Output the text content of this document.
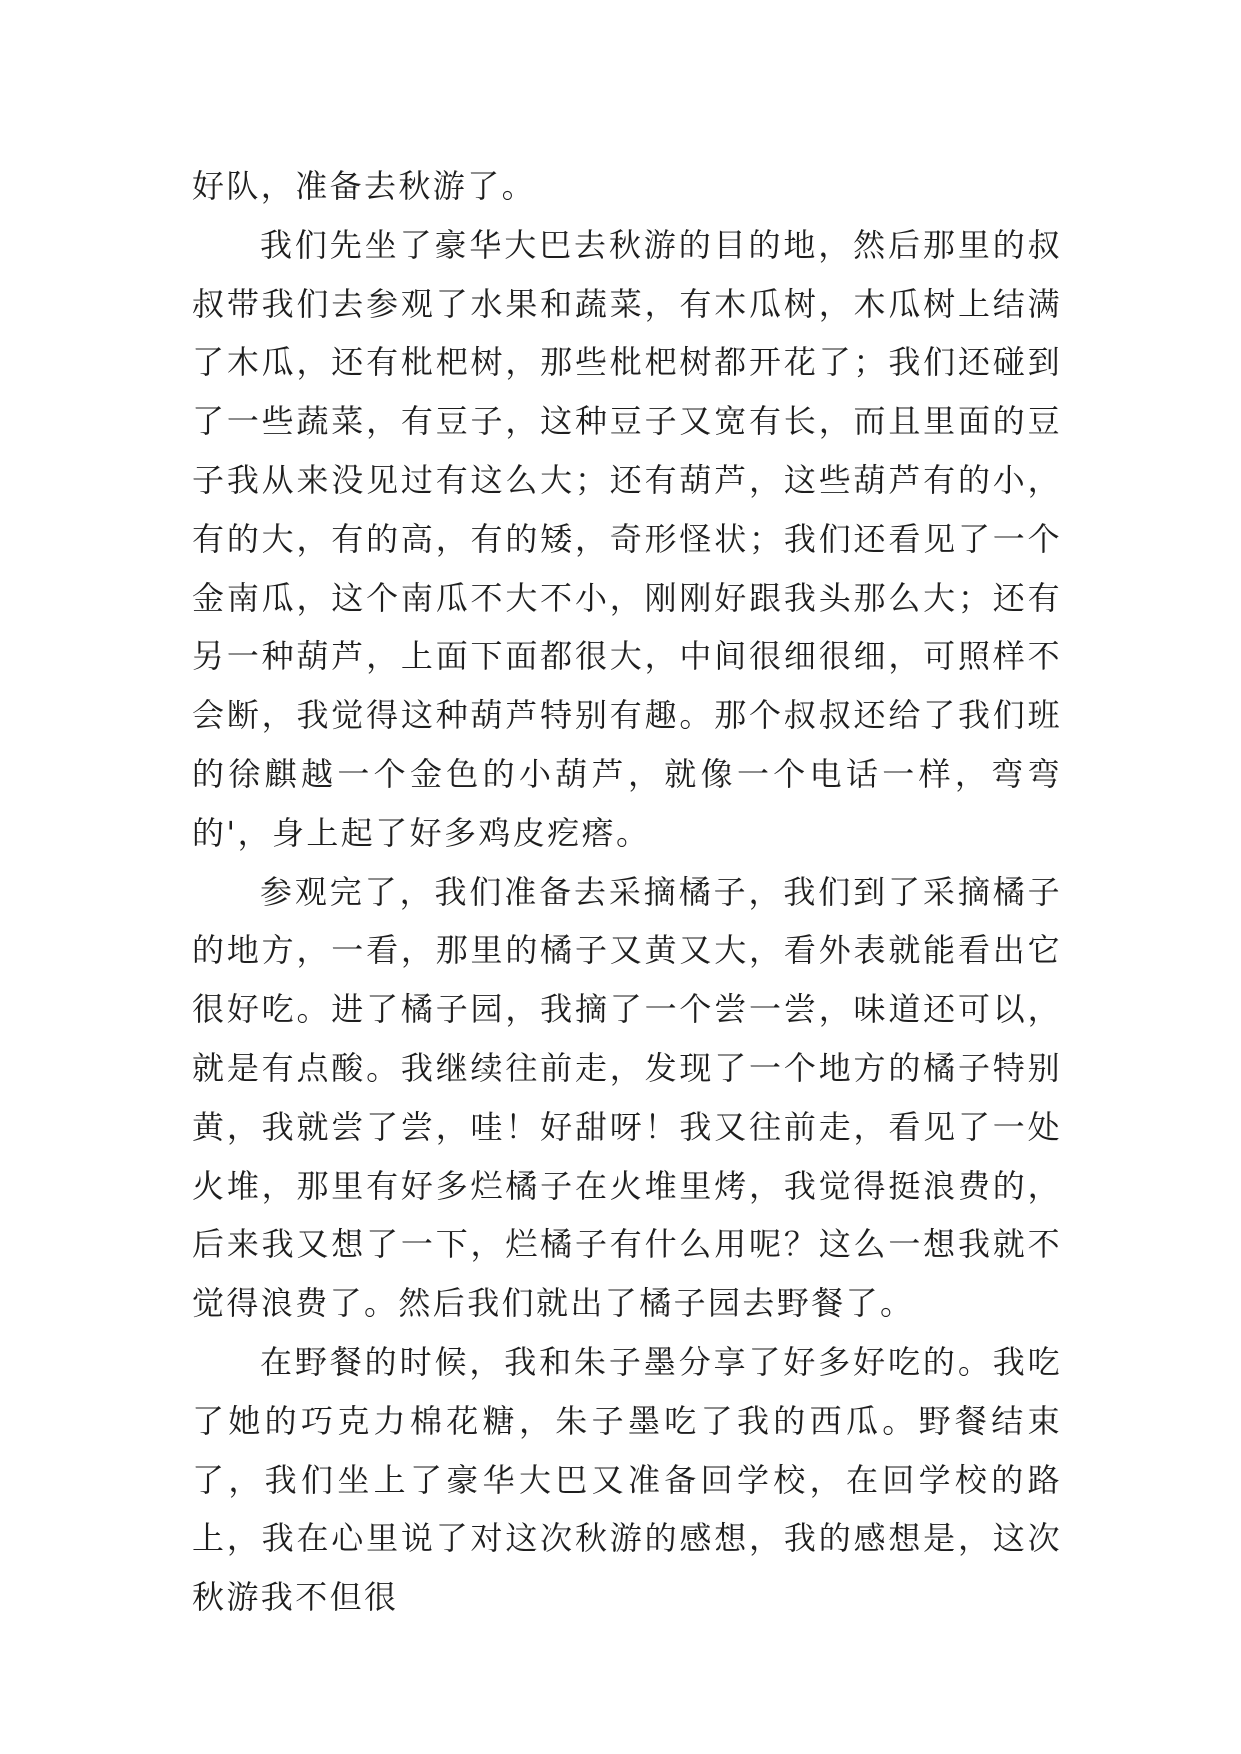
好队，准备去秋游了。

我们先坐了豪华大巴去秋游的目的地，然后那里的叔叔带我们去参观了水果和蔬菜，有木瓜树，木瓜树上结满了木瓜，还有枇杷树，那些枇杷树都开花了；我们还碰到了一些蔬菜，有豆子，这种豆子又宽有长，而且里面的豆子我从来没见过有这么大；还有葫芦，这些葫芦有的小，有的大，有的高，有的矮，奇形怪状；我们还看见了一个金南瓜，这个南瓜不大不小，刚刚好跟我头那么大；还有另一种葫芦，上面下面都很大，中间很细很细，可照样不会断，我觉得这种葫芦特别有趣。那个叔叔还给了我们班的徐麒越一个金色的小葫芦，就像一个电话一样，弯弯的'，身上起了好多鸡皮疙瘩。

参观完了，我们准备去采摘橘子，我们到了采摘橘子的地方，一看，那里的橘子又黄又大，看外表就能看出它很好吃。进了橘子园，我摘了一个尝一尝，味道还可以，就是有点酸。我继续往前走，发现了一个地方的橘子特别黄，我就尝了尝，哇！好甜呀！我又往前走，看见了一处火堆，那里有好多烂橘子在火堆里烤，我觉得挺浪费的，后来我又想了一下，烂橘子有什么用呢？这么一想我就不觉得浪费了。然后我们就出了橘子园去野餐了。

在野餐的时候，我和朱子墨分享了好多好吃的。我吃了她的巧克力棉花糖，朱子墨吃了我的西瓜。野餐结束了，我们坐上了豪华大巴又准备回学校，在回学校的路上，我在心里说了对这次秋游的感想，我的感想是，这次秋游我不但很
